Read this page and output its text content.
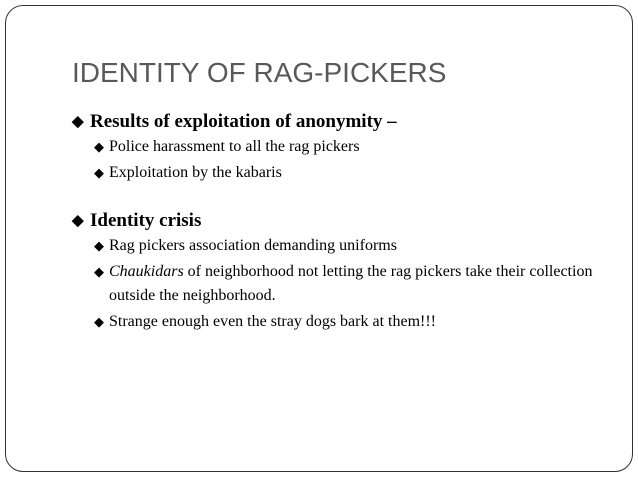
IDENTITY OF RAG-PICKERS

◆ Results of exploitation of anonymity –

◆ Police harassment to all the rag pickers

◆ Exploitation by the kabaris

◆ Identity crisis

◆ Rag pickers association demanding uniforms

◆ Chaukidars of neighborhood not letting the rag pickers take their collection outside the neighborhood.

◆ Strange enough even the stray dogs bark at them!!!
